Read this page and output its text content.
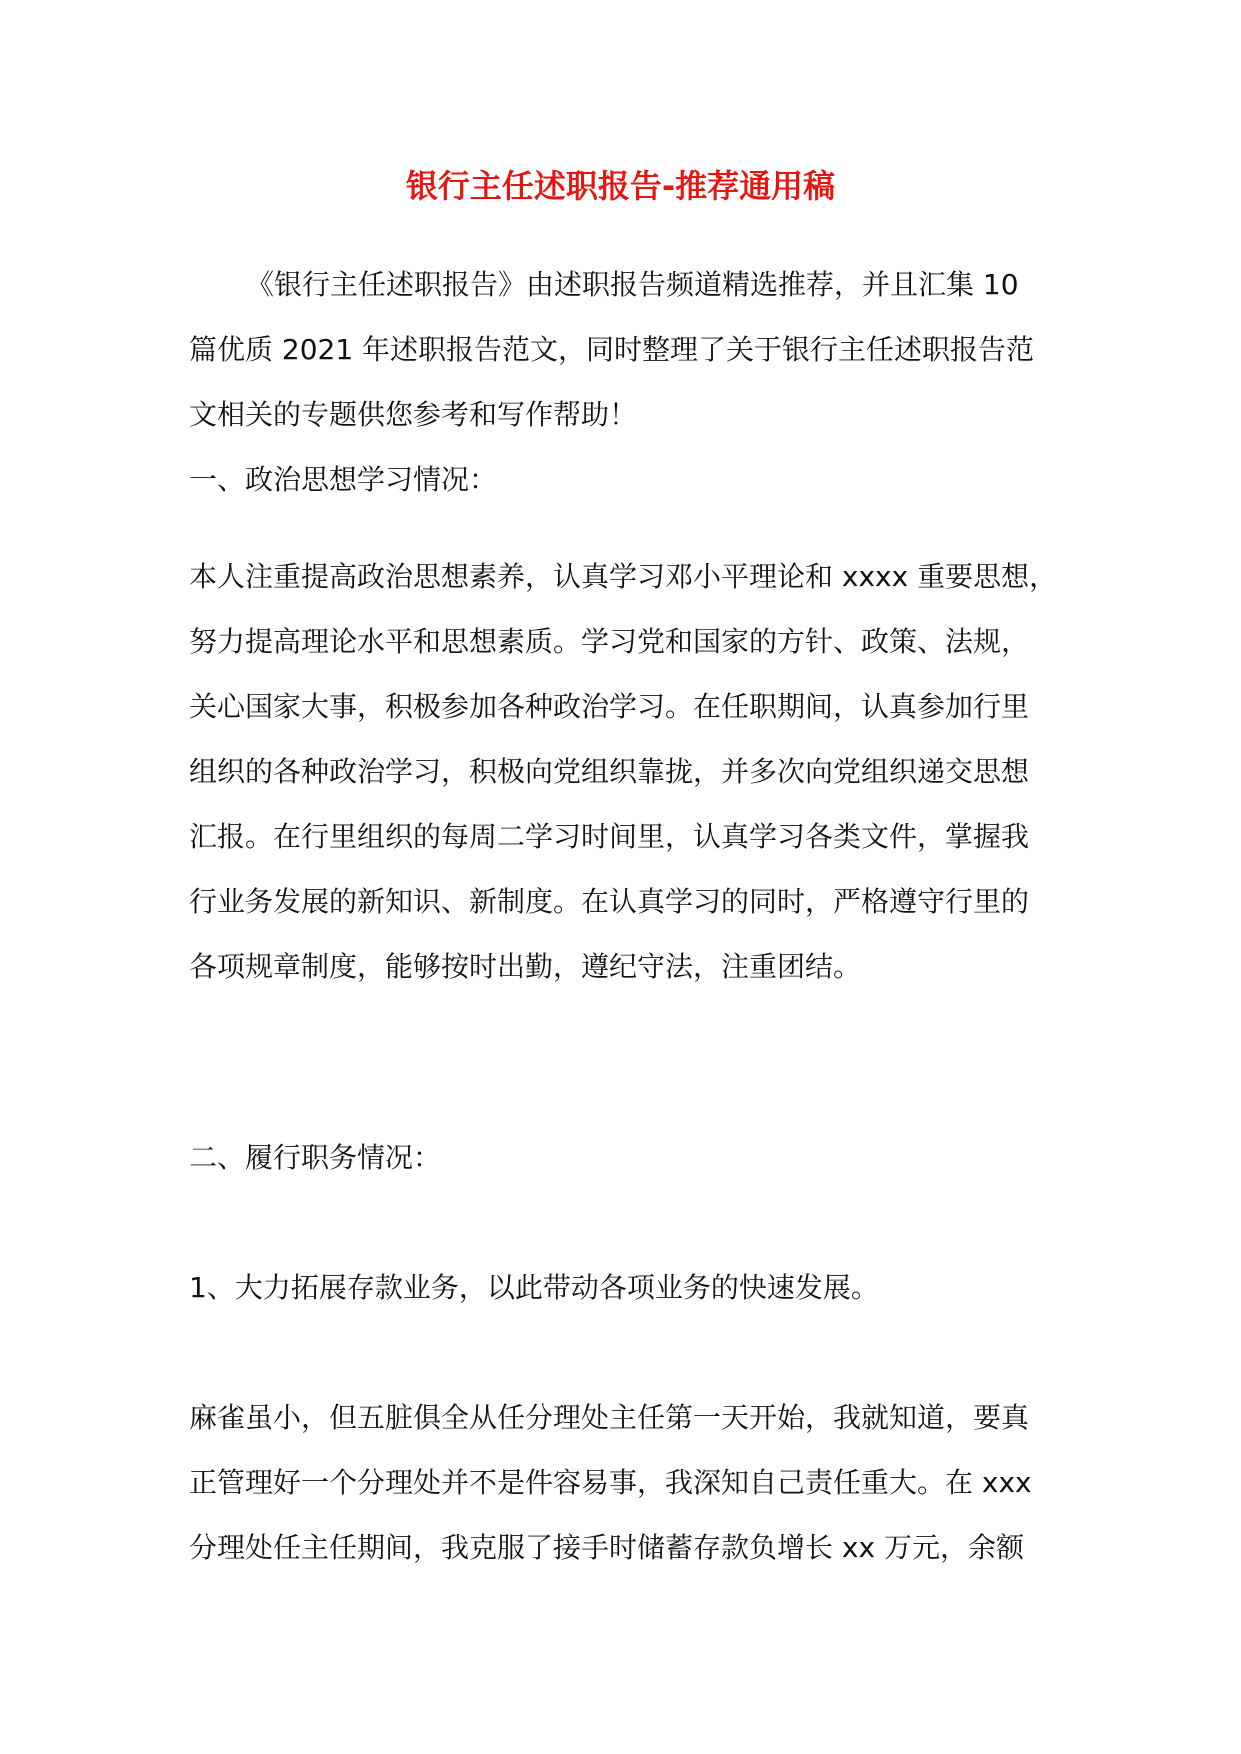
银行主任述职报告-推荐通用稿
《银行主任述职报告》由述职报告频道精选推荐，并且汇集 10
篇优质 2021 年述职报告范文，同时整理了关于银行主任述职报告范
文相关的专题供您参考和写作帮助！
一、政治思想学习情况：
本人注重提高政治思想素养，认真学习邓小平理论和 xxxx 重要思想，
努力提高理论水平和思想素质。学习党和国家的方针、政策、法规，
关心国家大事，积极参加各种政治学习。在任职期间，认真参加行里
组织的各种政治学习，积极向党组织靠拢，并多次向党组织递交思想
汇报。在行里组织的每周二学习时间里，认真学习各类文件，掌握我
行业务发展的新知识、新制度。在认真学习的同时，严格遵守行里的
各项规章制度，能够按时出勤，遵纪守法，注重团结。
二、履行职务情况：
1、大力拓展存款业务，以此带动各项业务的快速发展。
麻雀虽小，但五脏俱全从任分理处主任第一天开始，我就知道，要真
正管理好一个分理处并不是件容易事，我深知自己责任重大。在 xxx
分理处任主任期间，我克服了接手时储蓄存款负增长 xx 万元，余额
